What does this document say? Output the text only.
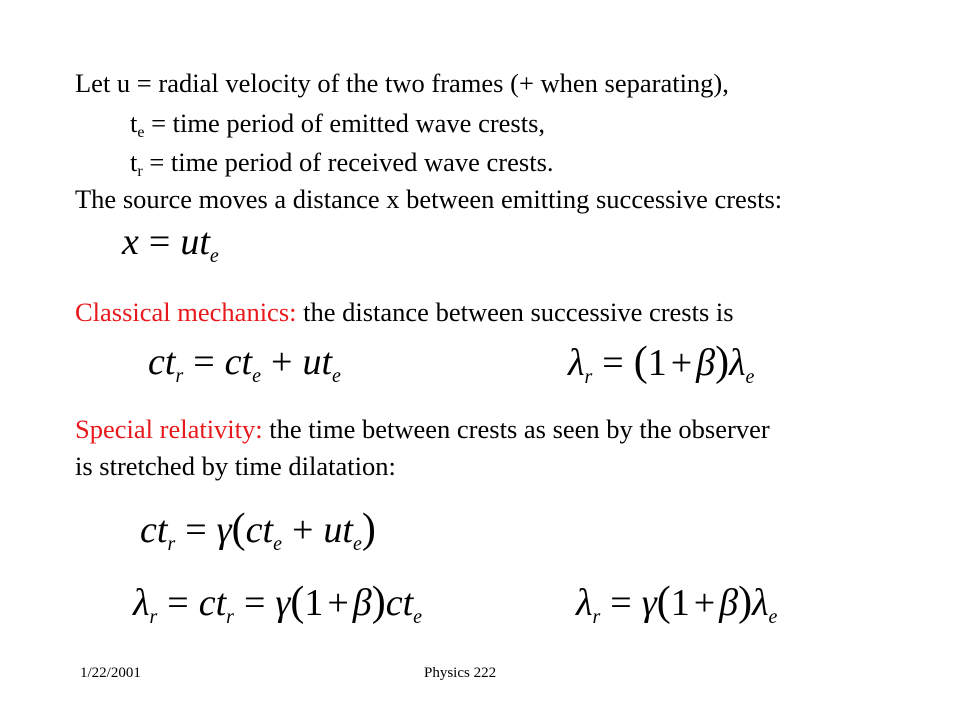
Let u = radial velocity of the two frames (+ when separating),
$t_e$ = time period of emitted wave crests,
$t_r$ = time period of received wave crests.
The source moves a distance x between emitting successive crests:
$x = ut_e$
Classical mechanics: the distance between successive crests is
$ct_r = ct_e + ut_e$	$\lambda_r = (1 + \beta)\lambda_e$
Special relativity: the time between crests as seen by the observer
is stretched by time dilatation:
$ct_r = \gamma(ct_e + ut_e)$
$\lambda_r = ct_r = \gamma(1 + \beta)ct_e$	$\lambda_r = \gamma(1 + \beta)\lambda_e$
1/22/2001	Physics 222
